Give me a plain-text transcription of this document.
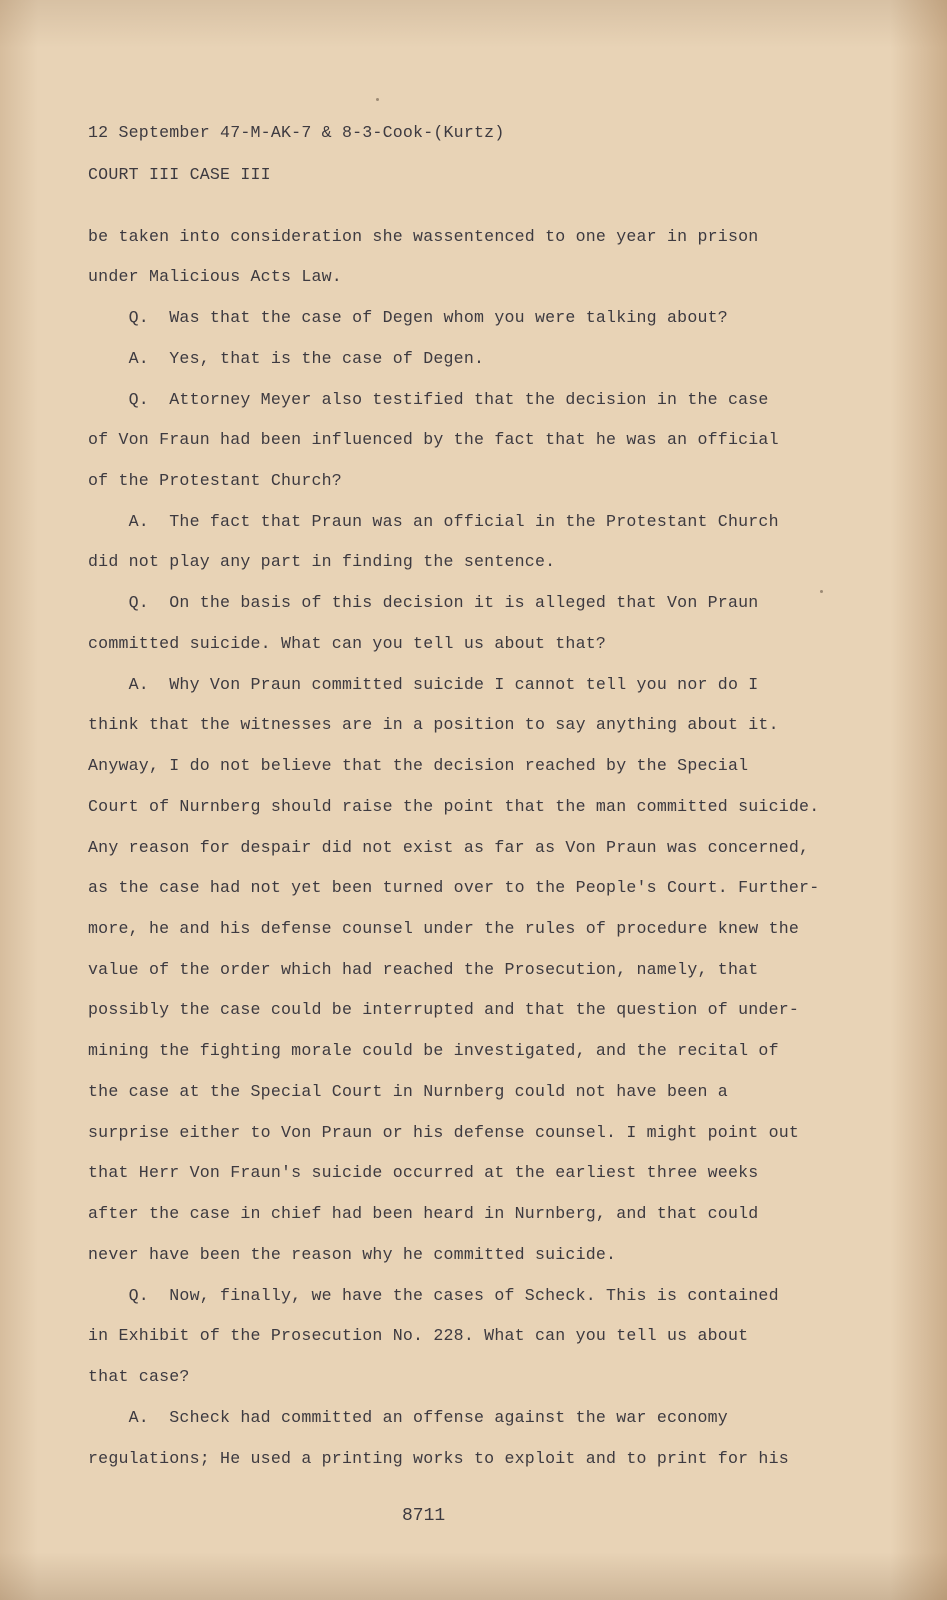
12 September 47-M-AK-7 & 8-3-Cook-(Kurtz)
COURT III CASE III
be taken into consideration she wassentenced to one year in prison
under Malicious Acts Law.
Q.  Was that the case of Degen whom you were talking about?
A.  Yes, that is the case of Degen.
Q.  Attorney Meyer also testified that the decision in the case
of Von Fraun had been influenced by the fact that he was an official
of the Protestant Church?
A.  The fact that Praun was an official in the Protestant Church
did not play any part in finding the sentence.
Q.  On the basis of this decision it is alleged that Von Praun
committed suicide. What can you tell us about that?
A.  Why Von Praun committed suicide I cannot tell you nor do I
think that the witnesses are in a position to say anything about it.
Anyway, I do not believe that the decision reached by the Special
Court of Nurnberg should raise the point that the man committed suicide.
Any reason for despair did not exist as far as Von Praun was concerned,
as the case had not yet been turned over to the People's Court. Further-
more, he and his defense counsel under the rules of procedure knew the
value of the order which had reached the Prosecution, namely, that
possibly the case could be interrupted and that the question of under-
mining the fighting morale could be investigated, and the recital of
the case at the Special Court in Nurnberg could not have been a
surprise either to Von Praun or his defense counsel. I might point out
that Herr Von Fraun's suicide occurred at the earliest three weeks
after the case in chief had been heard in Nurnberg, and that could
never have been the reason why he committed suicide.
Q.  Now, finally, we have the cases of Scheck. This is contained
in Exhibit of the Prosecution No. 228. What can you tell us about
that case?
A.  Scheck had committed an offense against the war economy
regulations; He used a printing works to exploit and to print for his
8711
